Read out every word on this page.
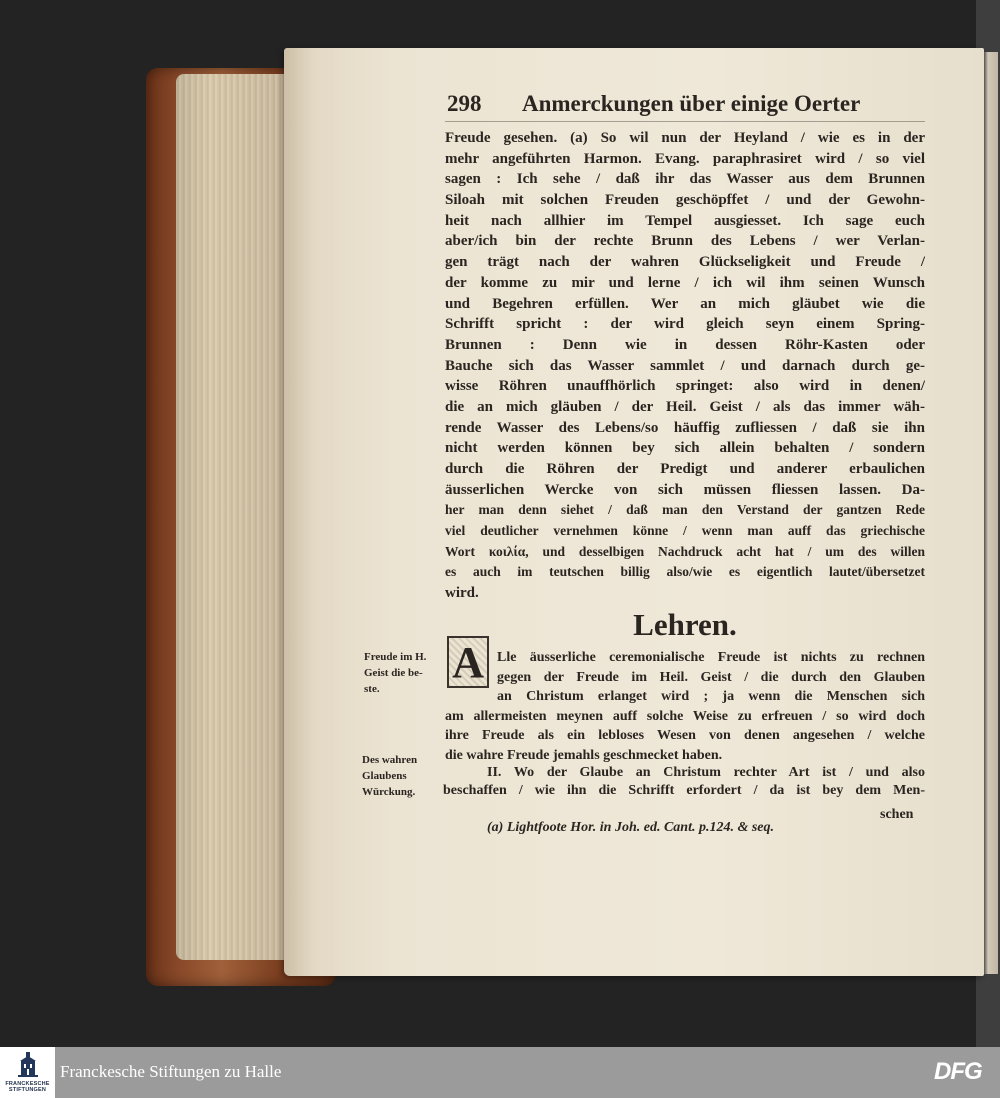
298 Anmerckungen über einige Oerter
Freude gesehen. (a) So wil nun der Heyland / wie es in der
mehr angeführten Harmon. Evang. paraphrasiret wird / so viel
sagen : Ich sehe / daß ihr das Wasser aus dem Brunnen
Siloah mit solchen Freuden geschöpffet / und der Gewohn-
heit nach allhier im Tempel ausgiesset. Ich sage euch
aber/ich bin der rechte Brunn des Lebens / wer Verlan-
gen trägt nach der wahren Glückseligkeit und Freude /
der komme zu mir und lerne / ich wil ihm seinen Wunsch
und Begehren erfüllen. Wer an mich gläubet wie die
Schrifft spricht : der wird gleich seyn einem Spring-
Brunnen : Denn wie in dessen Röhr-Kasten oder
Bauche sich das Wasser sammlet / und darnach durch ge-
wisse Röhren unauffhörlich springet: also wird in denen/
die an mich gläuben / der Heil. Geist / als das immer wäh-
rende Wasser des Lebens/so häuffig zufliessen / daß sie ihn
nicht werden können bey sich allein behalten / sondern
durch die Röhren der Predigt und anderer erbaulichen
äusserlichen Wercke von sich müssen fliessen lassen. Da-
her man denn siehet / daß man den Verstand der gantzen Rede
viel deutlicher vernehmen könne / wenn man auff das griechische
Wort κοιλία, und desselbigen Nachdruck acht hat / um des willen
es auch im teutschen billig also/wie es eigentlich lautet/übersetzet
wird.
Lehren.
Freude im H.
Geist die be-
ste.
A Lle äusserliche ceremonialische Freude ist nichts zu rechnen
gegen der Freude im Heil. Geist / die durch den Glauben
an Christum erlanget wird ; ja wenn die Menschen sich
am allermeisten meynen auff solche Weise zu erfreuen / so wird doch
ihre Freude als ein lebloses Wesen von denen angesehen / welche
die wahre Freude jemahls geschmecket haben.
Des wahren
Glaubens
Würckung.
II. Wo der Glaube an Christum rechter Art ist / und also
beschaffen / wie ihn die Schrifft erfordert / da ist bey dem Men-
schen
(a) Lightfoote Hor. in Joh. ed. Cant. p.124. & seq.
FRANCKESCHE
STIFTUNGEN
Franckesche Stiftungen zu Halle	DFG
